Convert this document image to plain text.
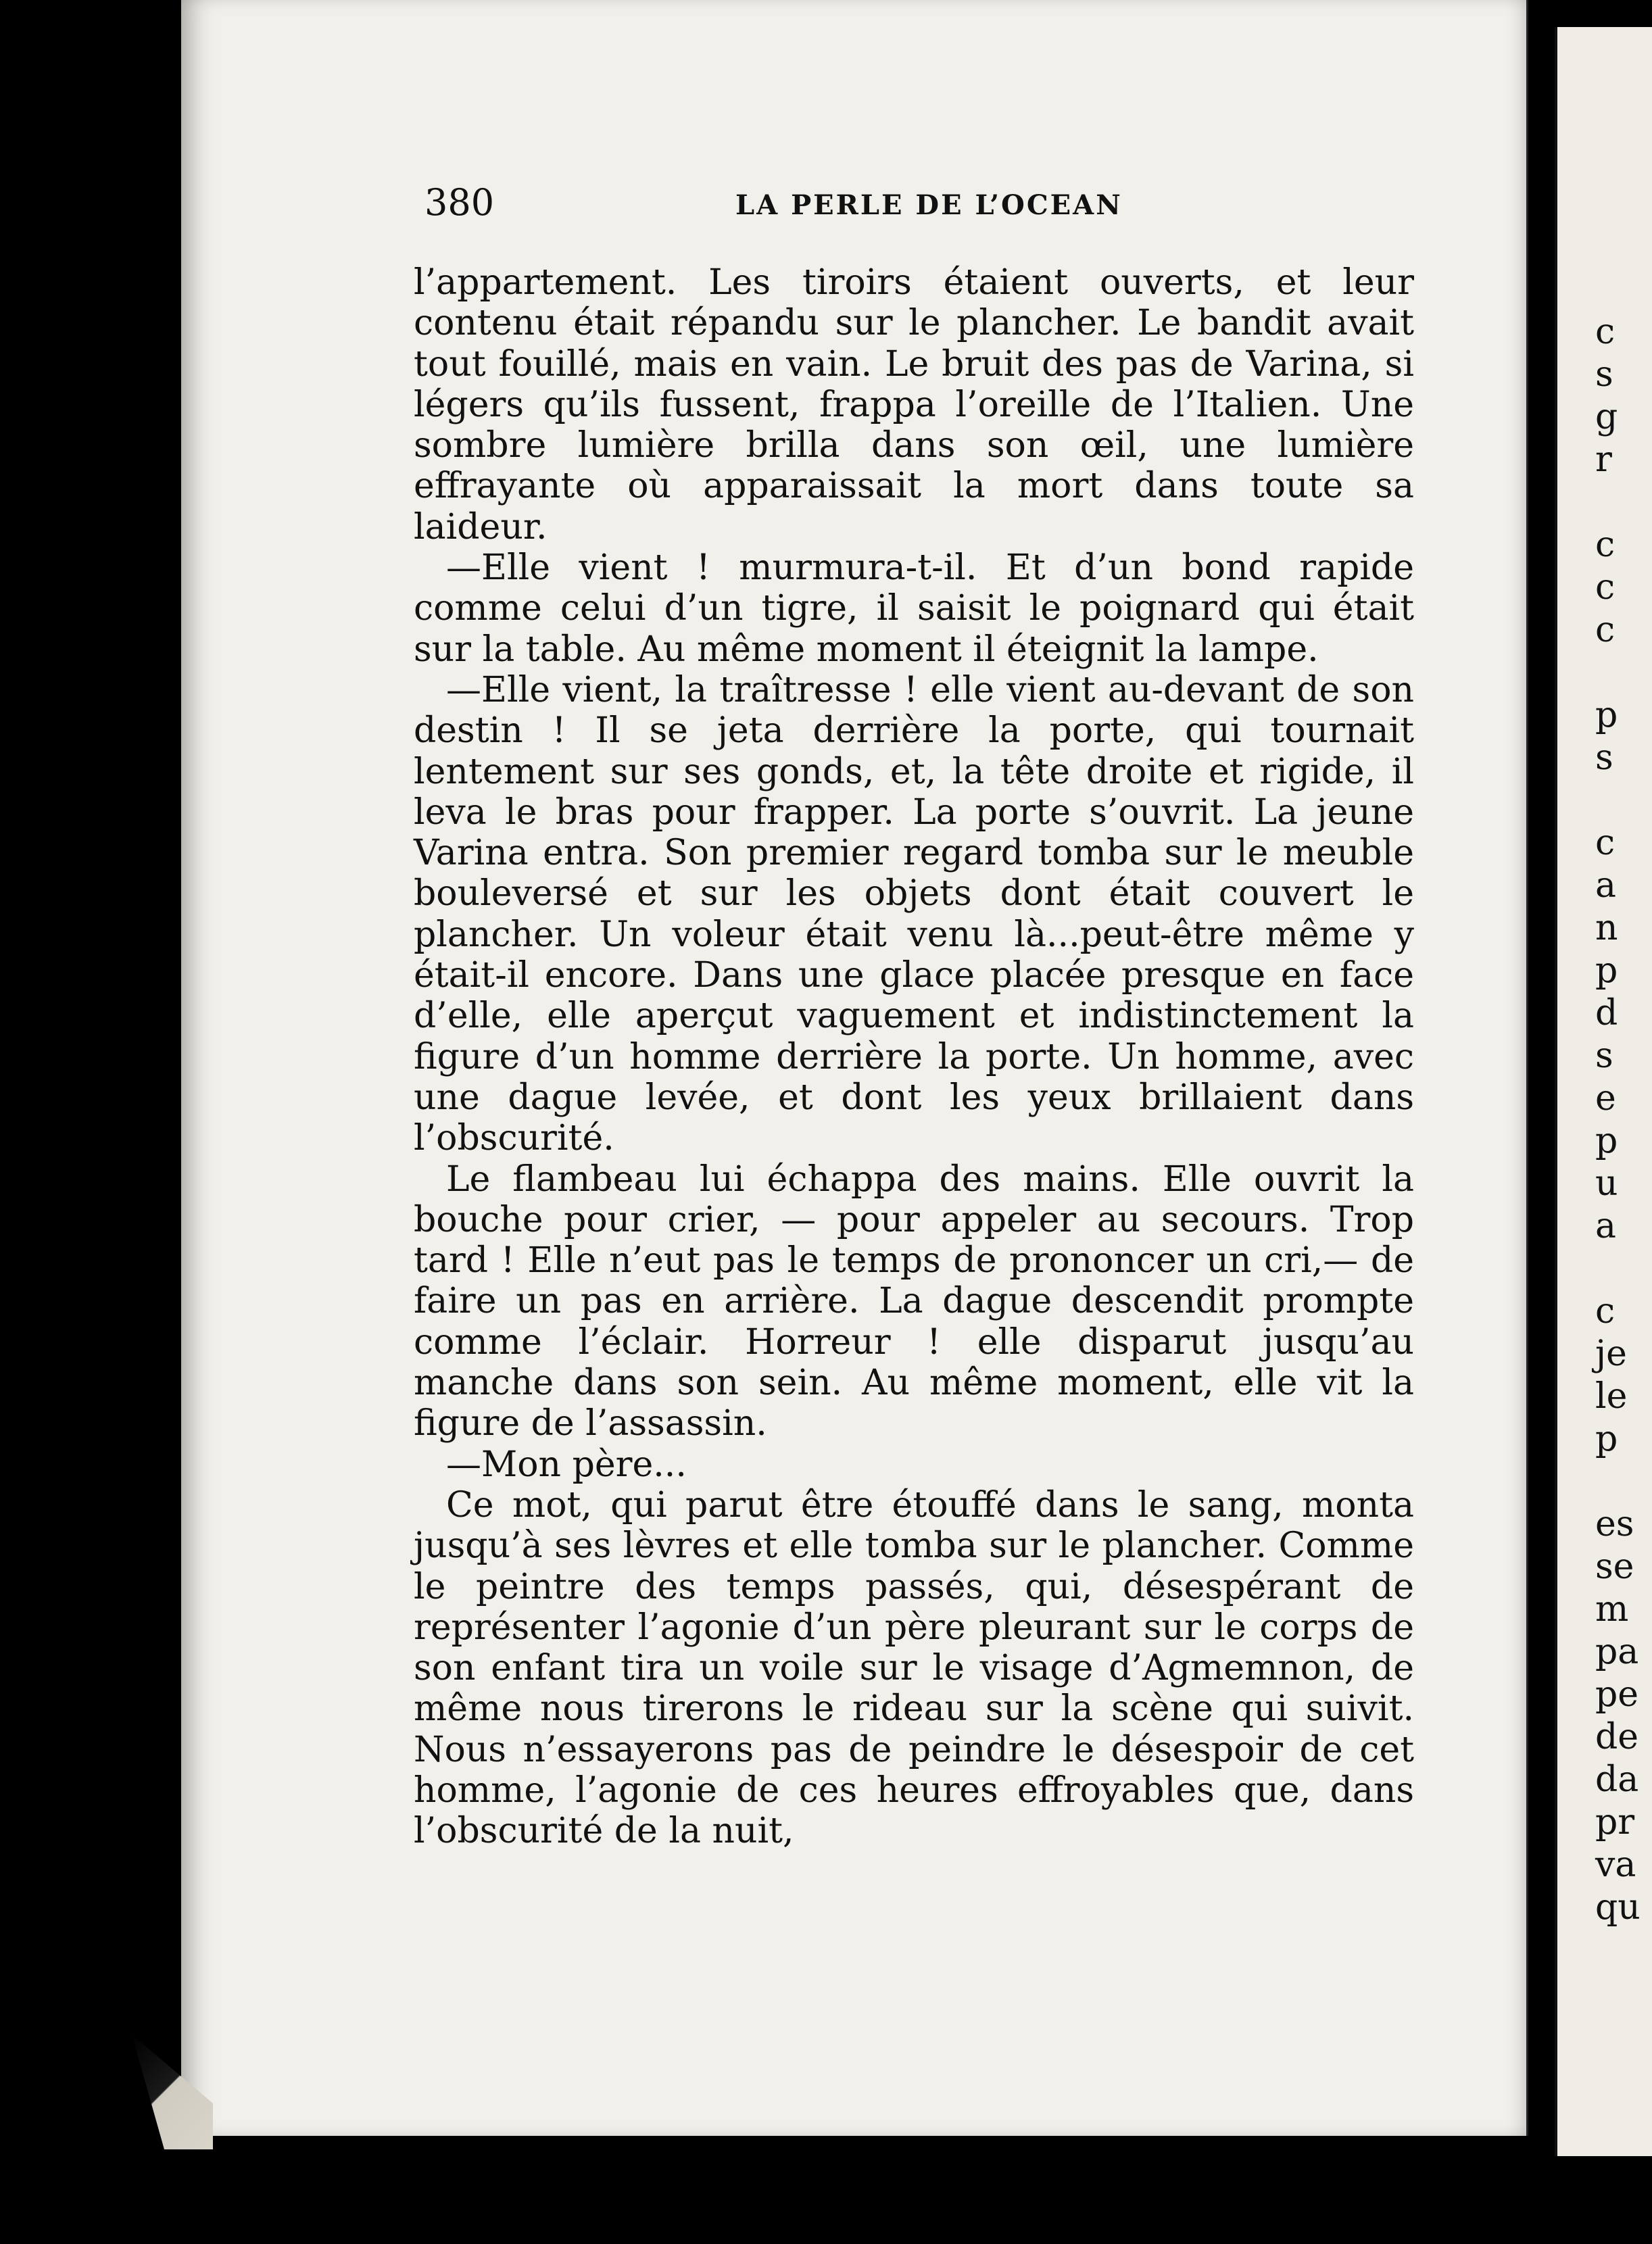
c
s
g
r
c
c
c
p
s
c
a
n
p
d
s
e
p
u
a
c
je
le
p
es
se
m
pa
pe
de
da
pr
va
qu
380	LA PERLE DE L’OCEAN

l’appartement. Les tiroirs étaient ouverts, et leur contenu était répandu sur le plancher. Le bandit avait tout fouillé, mais en vain. Le bruit des pas de Varina, si légers qu’ils fussent, frappa l’oreille de l’Italien. Une sombre lumière brilla dans son œil, une lumière effrayante où apparaissait la mort dans toute sa laideur.

—Elle vient ! murmura-t-il. Et d’un bond rapide comme celui d’un tigre, il saisit le poignard qui était sur la table. Au même moment il éteignit la lampe.

—Elle vient, la traîtresse ! elle vient au-devant de son destin ! Il se jeta derrière la porte, qui tournait lentement sur ses gonds, et, la tête droite et rigide, il leva le bras pour frapper. La porte s’ouvrit. La jeune Varina entra. Son premier regard tomba sur le meuble bouleversé et sur les objets dont était couvert le plancher. Un voleur était venu là...peut-être même y était-il encore. Dans une glace placée presque en face d’elle, elle aperçut vaguement et indistinctement la figure d’un homme derrière la porte. Un homme, avec une dague levée, et dont les yeux brillaient dans l’obscurité.

Le flambeau lui échappa des mains. Elle ouvrit la bouche pour crier, — pour appeler au secours. Trop tard ! Elle n’eut pas le temps de prononcer un cri,— de faire un pas en arrière. La dague descendit prompte comme l’éclair. Horreur ! elle disparut jusqu’au manche dans son sein. Au même moment, elle vit la figure de l’assassin.

—Mon père...

Ce mot, qui parut être étouffé dans le sang, monta jusqu’à ses lèvres et elle tomba sur le plancher. Comme le peintre des temps passés, qui, désespérant de représenter l’agonie d’un père pleurant sur le corps de son enfant tira un voile sur le visage d’Agmemnon, de même nous tirerons le rideau sur la scène qui suivit. Nous n’essayerons pas de peindre le désespoir de cet homme, l’agonie de ces heures effroyables que, dans l’obscurité de la nuit,
